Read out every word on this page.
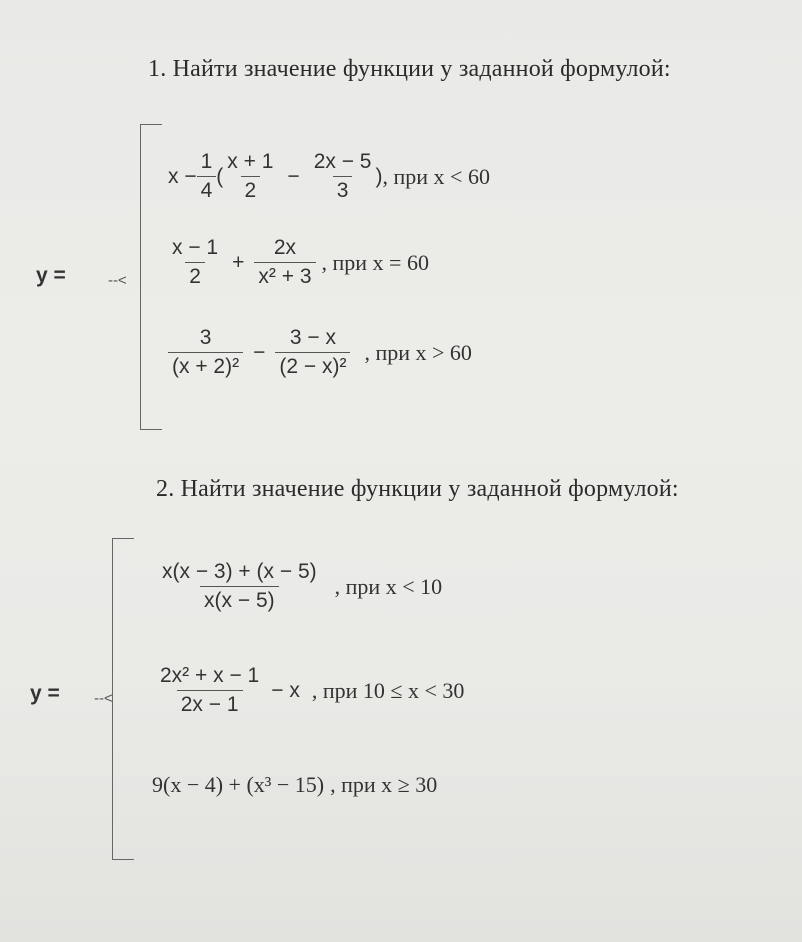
1. Найти значение функции y заданной формулой:
y =	--<
$x - \frac{1}{4}$ ( $\frac{x + 1}{2} - \frac{2x - 5}{3}$ ) , при x < 60
$\frac{x - 1}{2} + \frac{2x}{\text{x² + 3}}$ , при x = 60
$\frac{3}{\text{(x + 2)²}} - \frac{3 - x}{\text{(2 − x)²}}$ , при x > 60
2. Найти значение функции y заданной формулой:
y = --<
$\frac{x(x - 3) + (x - 5)}{x(x - 5)}$ , при x < 10
$\frac{\text{2x² + x − 1}}{2x - 1} - x$ , при 10 ≤ x < 30
9(x − 4) + (x³ − 15) , при x ≥ 30
